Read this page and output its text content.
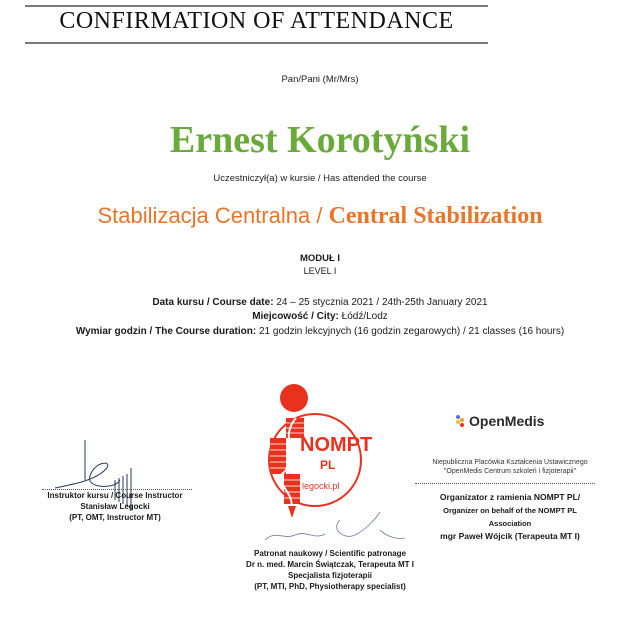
CONFIRMATION OF ATTENDANCE
Pan/Pani (Mr/Mrs)
Ernest Korotyński
Uczestniczył(a) w kursie / Has attended the course
Stabilizacja Centralna / Central Stabilization
MODUŁ I
LEVEL I
Data kursu / Course date: 24 – 25 stycznia 2021 / 24th-25th January 2021
Miejcowość / City: Łódź/Lodz
Wymiar godzin / The Course duration: 21 godzin lekcyjnych (16 godzin zegarowych) / 21 classes (16 hours)
NOMPT
PL
legocki.pl
OpenMedis
Instruktor kursu / Course Instructor
Stanisław Legocki
(PT, OMT, Instructor MT)
Patronat naukowy / Scientific patronage
Dr n. med. Marcin Świątczak, Terapeuta MT I
Specjalista fizjoterapii
(PT, MTI, PhD, Physiotherapy specialist)
Niepubliczna Placówka Kształcenia Ustawicznego
"OpenMedis Centrum szkoleń i fizjoterapii"
Organizator z ramienia NOMPT PL/
Organizer on behalf of the NOMPT PL
Association
mgr Paweł Wójcik (Terapeuta MT I)
